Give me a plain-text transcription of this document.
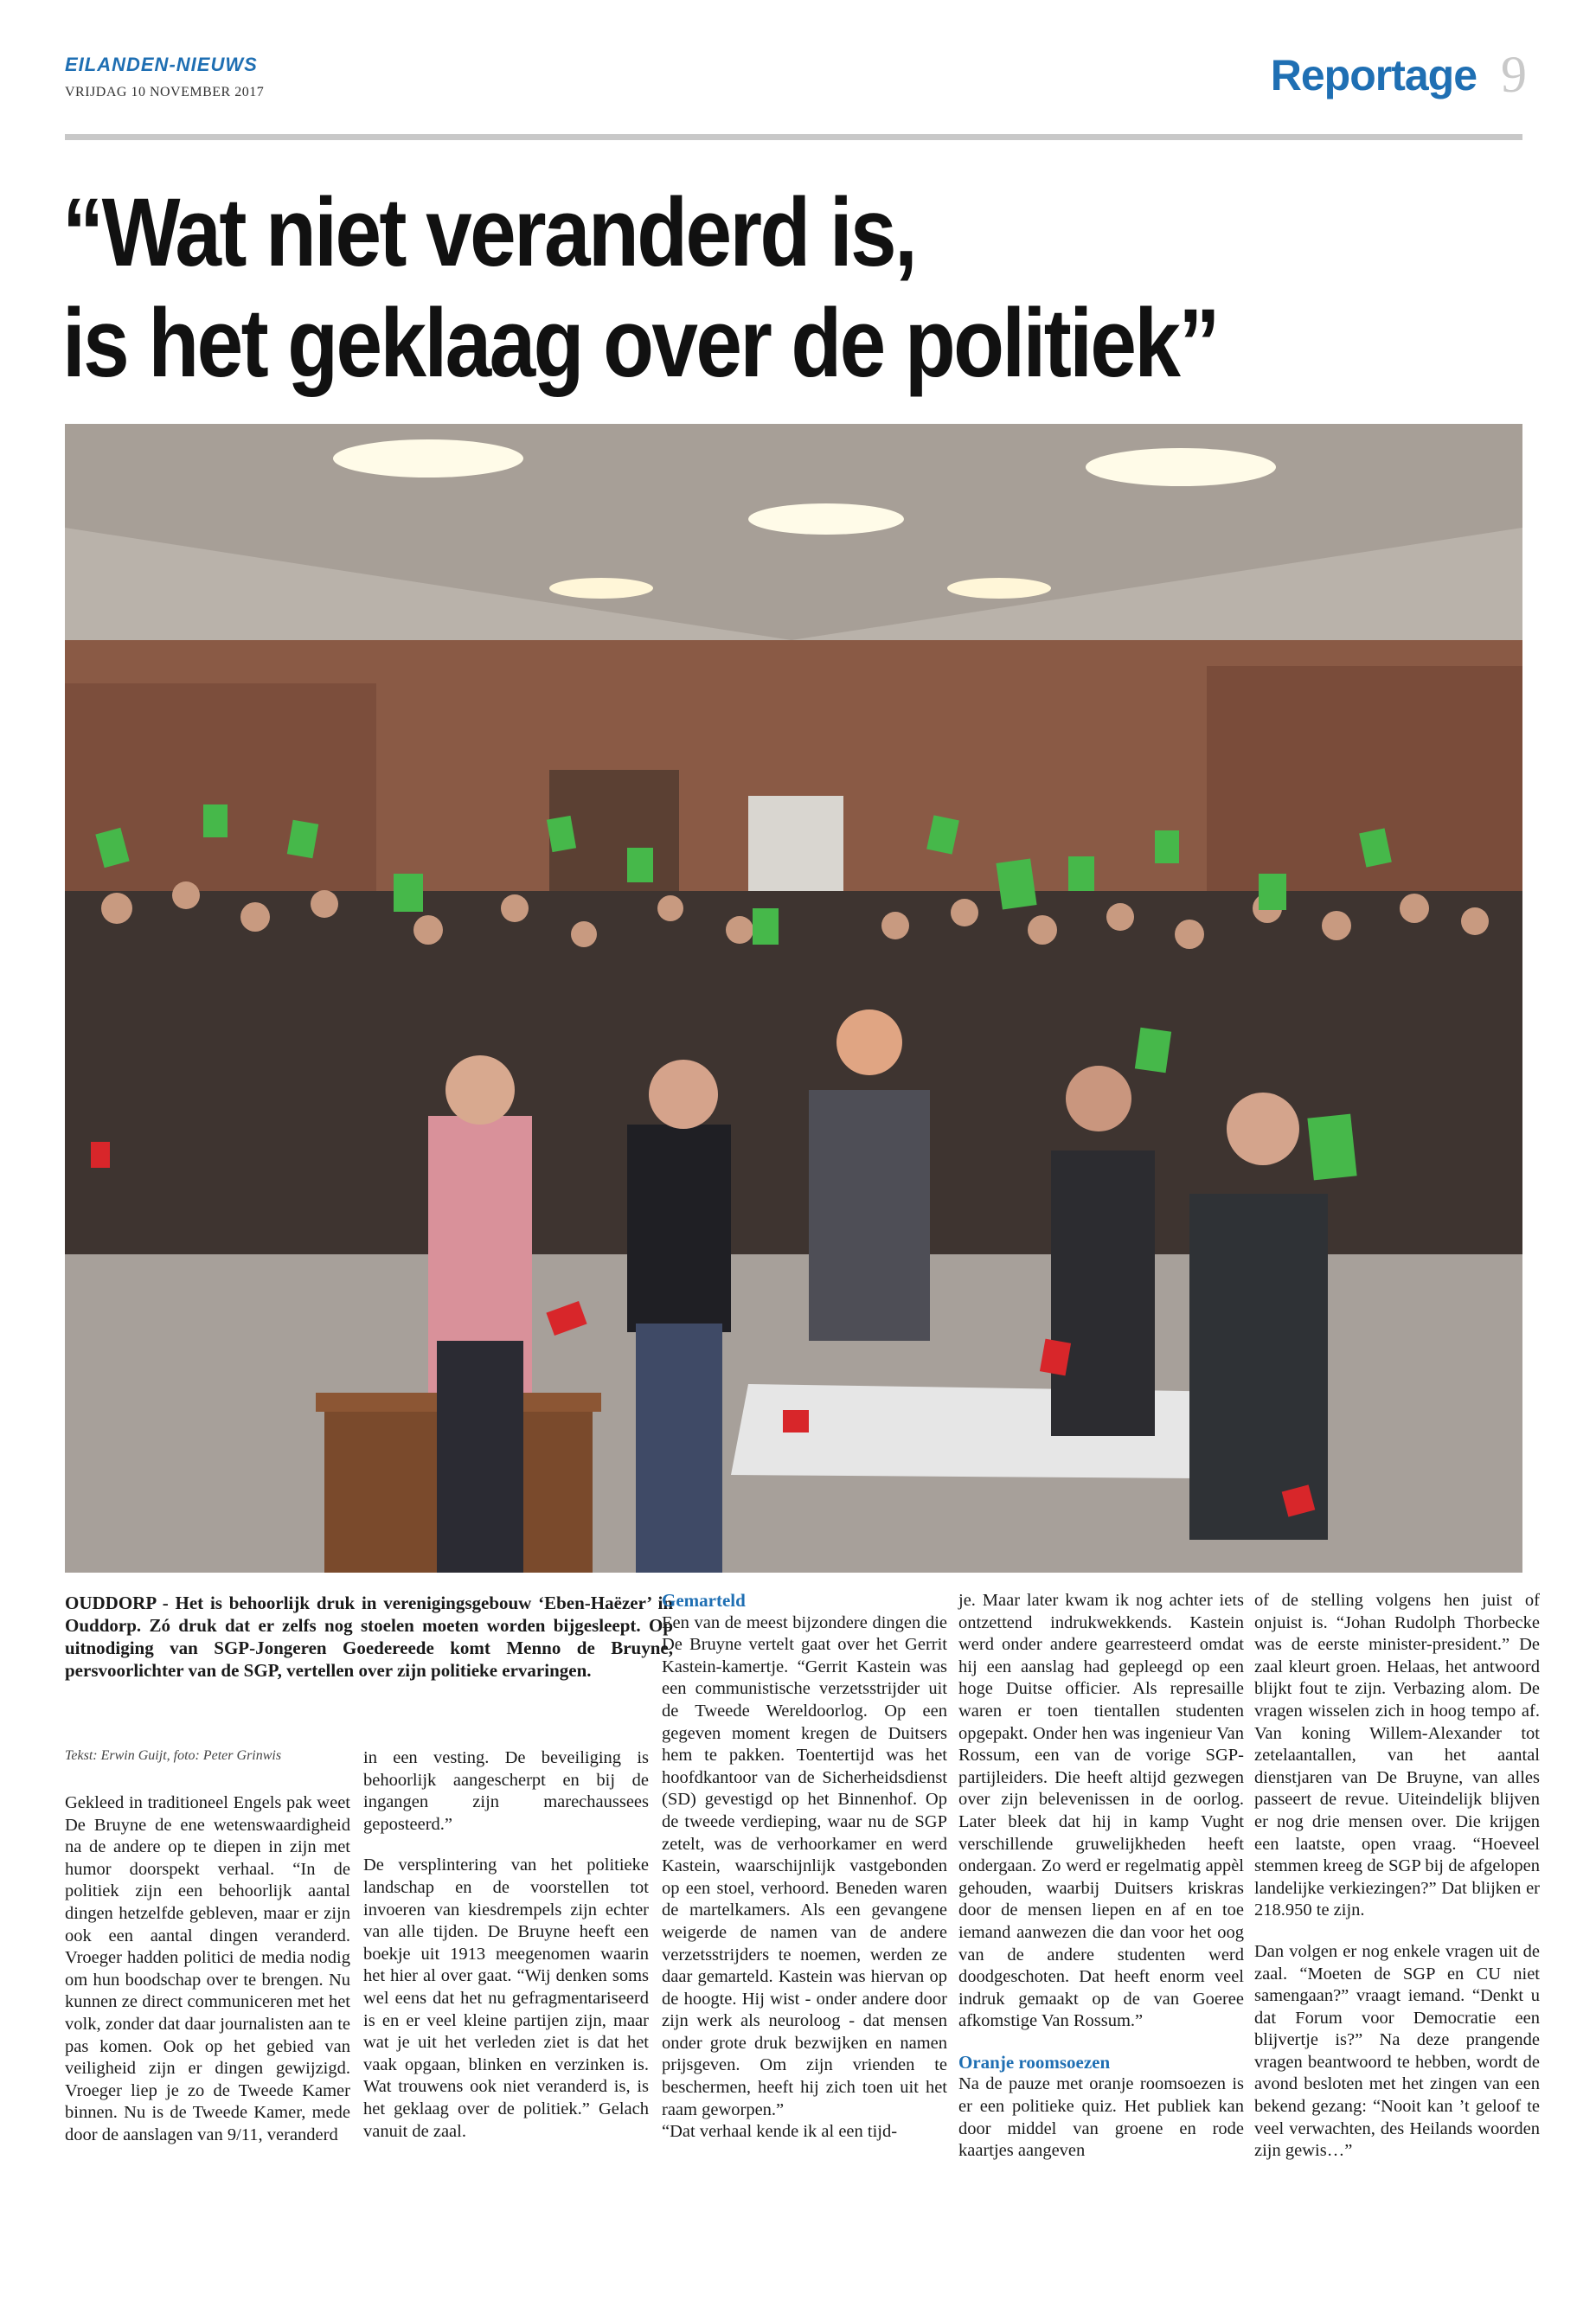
EILANDEN-NIEUWS
VRIJDAG 10 NOVEMBER 2017	Reportage 9
“Wat niet veranderd is,
is het geklaag over de politiek”
OUDDORP - Het is behoorlijk druk in verenigingsgebouw ‘Eben-Haëzer’ in Ouddorp. Zó druk dat er zelfs nog stoelen moeten worden bijgesleept. Op uitnodiging van SGP-Jongeren Goedereede komt Menno de Bruyne, persvoorlichter van de SGP, vertellen over zijn politieke ervaringen.
Tekst: Erwin Guijt, foto: Peter Grinwis

Gekleed in traditioneel Engels pak weet De Bruyne de ene wetenswaardigheid na de andere op te diepen in zijn met humor doorspekt verhaal. “In de politiek zijn een behoorlijk aantal dingen hetzelfde gebleven, maar er zijn ook een aantal dingen veranderd. Vroeger hadden politici de media nodig om hun boodschap over te brengen. Nu kunnen ze direct communiceren met het volk, zonder dat daar journalisten aan te pas komen. Ook op het gebied van veiligheid zijn er dingen gewijzigd. Vroeger liep je zo de Tweede Kamer binnen. Nu is de Tweede Kamer, mede door de aanslagen van 9/11, veranderd

in een vesting. De beveiliging is behoorlijk aangescherpt en bij de ingangen zijn marechaussees geposteerd.”

De versplintering van het politieke landschap en de voorstellen tot invoeren van kiesdrempels zijn echter van alle tijden. De Bruyne heeft een boekje uit 1913 meegenomen waarin het hier al over gaat. “Wij denken soms wel eens dat het nu gefragmentariseerd is en er veel kleine partijen zijn, maar wat je uit het verleden ziet is dat het vaak opgaan, blinken en verzinken is. Wat trouwens ook niet veranderd is, is het geklaag over de politiek.” Gelach vanuit de zaal.

Gemarteld

Een van de meest bijzondere dingen die De Bruyne vertelt gaat over het Gerrit Kastein-kamertje. “Gerrit Kastein was een communistische verzetsstrijder uit de Tweede Wereldoorlog. Op een gegeven moment kregen de Duitsers hem te pakken. Toentertijd was het hoofdkantoor van de Sicherheidsdienst (SD) gevestigd op het Binnenhof. Op de tweede verdieping, waar nu de SGP zetelt, was de verhoorkamer en werd Kastein, waarschijnlijk vastgebonden op een stoel, verhoord. Beneden waren de martelkamers. Als een gevangene weigerde de namen van de andere verzetsstrijders te noemen, werden ze daar gemarteld. Kastein was hiervan op de hoogte. Hij wist - onder andere door zijn werk als neuroloog - dat mensen onder grote druk bezwijken en namen prijsgeven. Om zijn vrienden te beschermen, heeft hij zich toen uit het raam geworpen.”

“Dat verhaal kende ik al een tijd-

je. Maar later kwam ik nog achter iets ontzettend indrukwekkends. Kastein werd onder andere gearresteerd omdat hij een aanslag had gepleegd op een hoge Duitse officier. Als represaille waren er toen tientallen studenten opgepakt. Onder hen was ingenieur Van Rossum, een van de vorige SGP-partijleiders. Die heeft altijd gezwegen over zijn belevenissen in de oorlog. Later bleek dat hij in kamp Vught verschillende gruwelijkheden heeft ondergaan. Zo werd er regelmatig appèl gehouden, waarbij Duitsers kriskras door de mensen liepen en af en toe iemand aanwezen die dan voor het oog van de andere studenten werd doodgeschoten. Dat heeft enorm veel indruk gemaakt op de van Goeree afkomstige Van Rossum.”

Oranje roomsoezen

Na de pauze met oranje roomsoezen is er een politieke quiz. Het publiek kan door middel van groene en rode kaartjes aangeven

of de stelling volgens hen juist of onjuist is. “Johan Rudolph Thorbecke was de eerste minister-president.” De zaal kleurt groen. Helaas, het antwoord blijkt fout te zijn. Verbazing alom. De vragen wisselen zich in hoog tempo af. Van koning Willem-Alexander tot zetelaantallen, van het aantal dienstjaren van De Bruyne, van alles passeert de revue. Uiteindelijk blijven er nog drie mensen over. Die krijgen een laatste, open vraag. “Hoeveel stemmen kreeg de SGP bij de afgelopen landelijke verkiezingen?” Dat blijken er 218.950 te zijn.

Dan volgen er nog enkele vragen uit de zaal. “Moeten de SGP en CU niet samengaan?” vraagt iemand. “Denkt u dat Forum voor Democratie een blijvertje is?” Na deze prangende vragen beantwoord te hebben, wordt de avond besloten met het zingen van een bekend gezang: “Nooit kan ’t geloof te veel verwachten, des Heilands woorden zijn gewis…”
